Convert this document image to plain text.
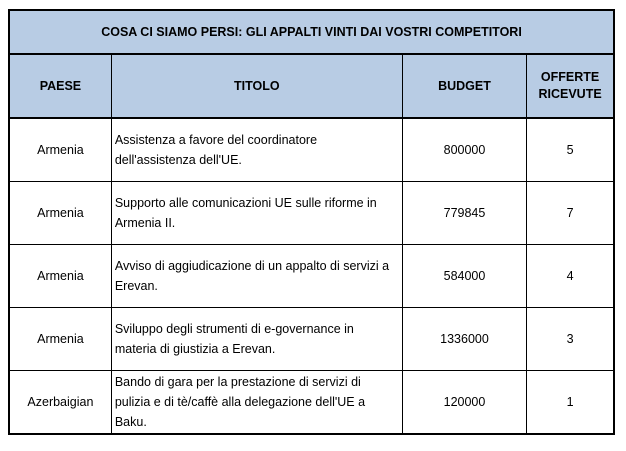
COSA CI SIAMO PERSI: GLI APPALTI VINTI DAI VOSTRI COMPETITORI			
PAESE	TITOLO	BUDGET	OFFERTE RICEVUTE
Armenia	Assistenza a favore del coordinatore dell'assistenza dell'UE.	800000	5
Armenia	Supporto alle comunicazioni UE sulle riforme in Armenia II.	779845	7
Armenia	Avviso di aggiudicazione di un appalto di servizi a Erevan.	584000	4
Armenia	Sviluppo degli strumenti di e-governance in materia di giustizia a Erevan.	1336000	3
Azerbaigian	Bando di gara per la prestazione di servizi di pulizia e di tè/caffè alla delegazione dell'UE a Baku.	120000	1
